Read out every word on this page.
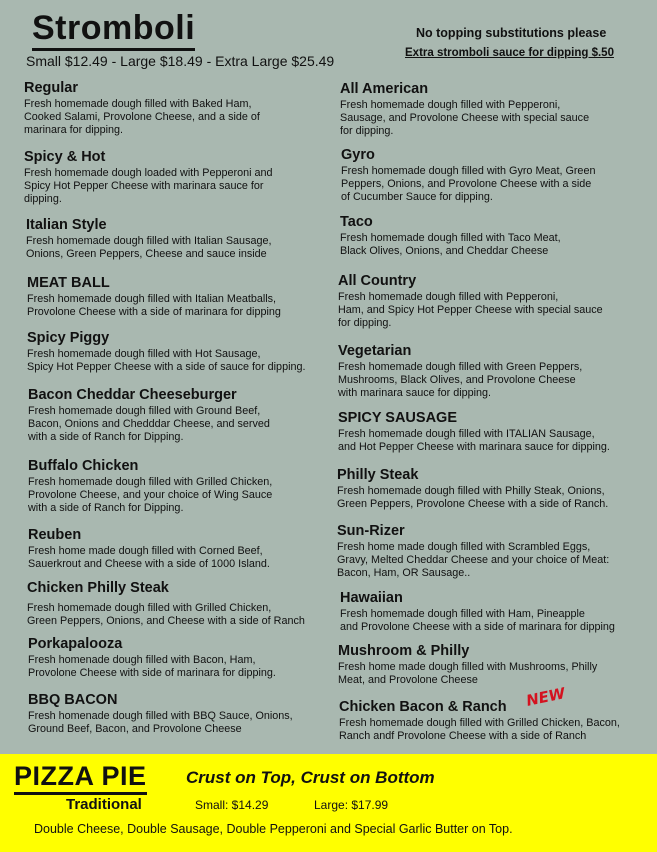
Stromboli
Small $12.49 - Large $18.49 - Extra Large $25.49
No topping substitutions please
Extra stromboli sauce for dipping $.50
Regular
Fresh homemade dough filled with Baked Ham,
Cooked Salami, Provolone Cheese, and a side of
marinara for dipping.
Spicy & Hot
Fresh homemade dough loaded with Pepperoni and
Spicy Hot Pepper Cheese with marinara sauce for
dipping.
Italian Style
Fresh homemade dough filled with Italian Sausage,
Onions, Green Peppers, Cheese and sauce inside
MEAT BALL
Fresh homemade dough filled with Italian Meatballs,
Provolone Cheese with a side of marinara for dipping
Spicy Piggy
Fresh homemade dough filled with Hot Sausage,
Spicy Hot Pepper Cheese with a side of sauce for dipping.
Bacon Cheddar Cheeseburger
Fresh homemade dough filled with Ground Beef,
Bacon, Onions and Chedddar Cheese, and served
with a side of Ranch for Dipping.
Buffalo Chicken
Fresh homemade dough filled with Grilled Chicken,
Provolone Cheese, and your choice of Wing Sauce
with a side of Ranch for Dipping.
Reuben
Fresh home made dough filled with Corned Beef,
Sauerkrout and Cheese with a side of 1000 Island.
Chicken Philly Steak
Fresh homemade dough filled with Grilled Chicken,
Green Peppers, Onions, and Cheese with a side of Ranch
Porkapalooza
Fresh homenade dough filled with Bacon, Ham,
Provolone Cheese with side of marinara for dipping.
BBQ BACON
Fresh homenade dough filled with BBQ Sauce, Onions,
Ground Beef, Bacon, and Provolone Cheese
All American
Fresh homemade dough filled with Pepperoni,
Sausage, and Provolone Cheese with special sauce
for dipping.
Gyro
Fresh homemade dough filled with Gyro Meat, Green
Peppers, Onions, and Provolone Cheese with a side
of Cucumber Sauce for dipping.
Taco
Fresh homemade dough filled with Taco Meat,
Black Olives, Onions, and Cheddar Cheese
All Country
Fresh homemade dough filled with Pepperoni,
Ham, and Spicy Hot Pepper Cheese with special sauce
for dipping.
Vegetarian
Fresh homemade dough filled with Green Peppers,
Mushrooms, Black Olives, and Provolone Cheese
with marinara sauce for dipping.
SPICY SAUSAGE
Fresh homemade dough filled with ITALIAN Sausage,
and Hot Pepper Cheese with marinara sauce for dipping.
Philly Steak
Fresh homemade dough filled with Philly Steak, Onions,
Green Peppers, Provolone Cheese with a side of Ranch.
Sun-Rizer
Fresh home made dough filled with Scrambled Eggs,
Gravy, Melted Cheddar Cheese and your choice of Meat:
Bacon, Ham, OR Sausage..
Hawaiian
Fresh homemade dough filled with Ham, Pineapple
and Provolone Cheese with a side of marinara for dipping
Mushroom & Philly
Fresh home made dough filled with Mushrooms, Philly
Meat, and Provolone Cheese
Chicken Bacon & Ranch
Fresh homemade dough filled with Grilled Chicken, Bacon,
Ranch andf Provolone Cheese with a side of Ranch
NEW
PIZZA PIE
Traditional
Crust on Top, Crust on Bottom
Small: $14.29	Large: $17.99
Double Cheese, Double Sausage, Double Pepperoni and Special Garlic Butter on Top.
